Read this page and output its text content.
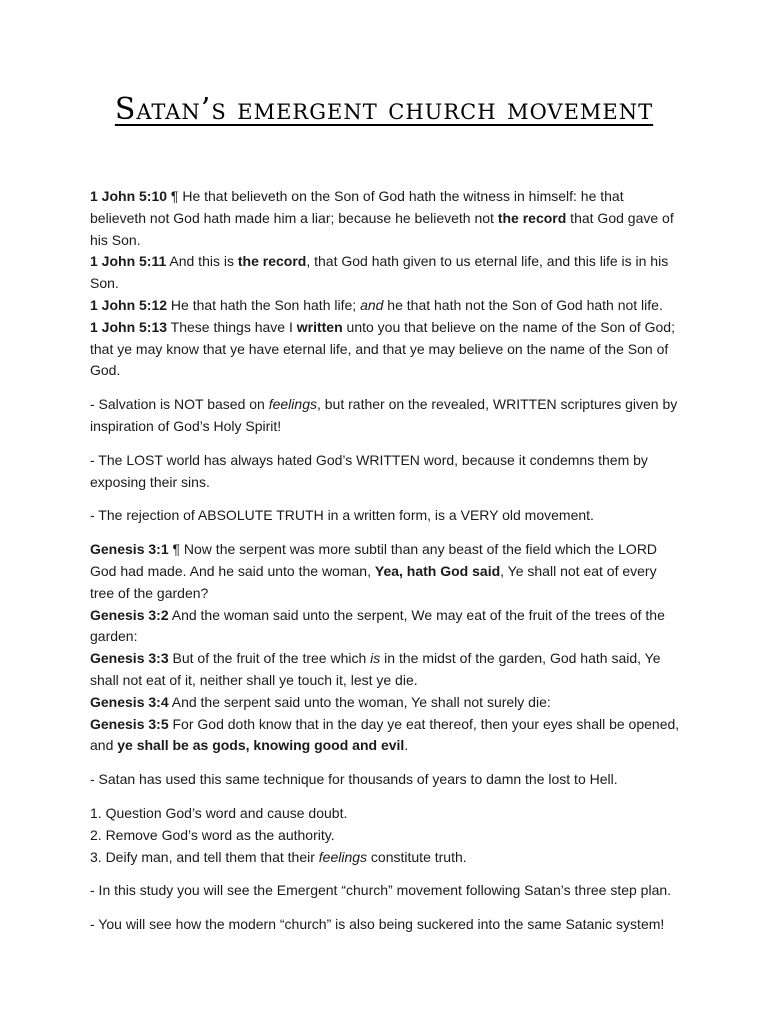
Satan’s emergent church movement

1 John 5:10 ¶ He that believeth on the Son of God hath the witness in himself: he that believeth not God hath made him a liar; because he believeth not the record that God gave of his Son.
1 John 5:11 And this is the record, that God hath given to us eternal life, and this life is in his Son.
1 John 5:12 He that hath the Son hath life; and he that hath not the Son of God hath not life.
1 John 5:13 These things have I written unto you that believe on the name of the Son of God; that ye may know that ye have eternal life, and that ye may believe on the name of the Son of God.

- Salvation is NOT based on feelings, but rather on the revealed, WRITTEN scriptures given by inspiration of God’s Holy Spirit!

- The LOST world has always hated God’s WRITTEN word, because it condemns them by exposing their sins.

- The rejection of ABSOLUTE TRUTH in a written form, is a VERY old movement.

Genesis 3:1 ¶ Now the serpent was more subtil than any beast of the field which the LORD God had made. And he said unto the woman, Yea, hath God said, Ye shall not eat of every tree of the garden?
Genesis 3:2 And the woman said unto the serpent, We may eat of the fruit of the trees of the garden:
Genesis 3:3 But of the fruit of the tree which is in the midst of the garden, God hath said, Ye shall not eat of it, neither shall ye touch it, lest ye die.
Genesis 3:4 And the serpent said unto the woman, Ye shall not surely die:
Genesis 3:5 For God doth know that in the day ye eat thereof, then your eyes shall be opened, and ye shall be as gods, knowing good and evil.

- Satan has used this same technique for thousands of years to damn the lost to Hell.

1. Question God’s word and cause doubt.
2. Remove God’s word as the authority.
3. Deify man, and tell them that their feelings constitute truth.

- In this study you will see the Emergent “church” movement following Satan’s three step plan.

- You will see how the modern “church” is also being suckered into the same Satanic system!
